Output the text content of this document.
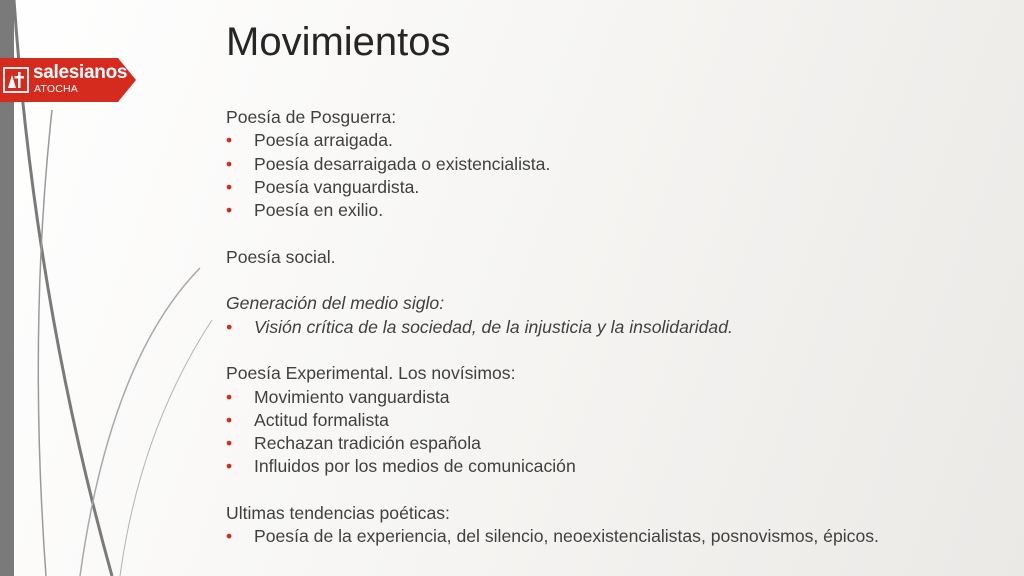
salesianos
ATOCHA
Movimientos
Poesía de Posguerra:
•	Poesía arraigada.
•	Poesía desarraigada o existencialista.
•	Poesía vanguardista.
•	Poesía en exilio.
Poesía social.
Generación del medio siglo:
•	Visión crítica de la sociedad, de la injusticia y la insolidaridad.
Poesía Experimental. Los novísimos:
•	Movimiento vanguardista
•	Actitud formalista
•	Rechazan tradición española
•	Influidos por los medios de comunicación
Ultimas tendencias poéticas:
•	Poesía de la experiencia, del silencio, neoexistencialistas, posnovismos, épicos.
